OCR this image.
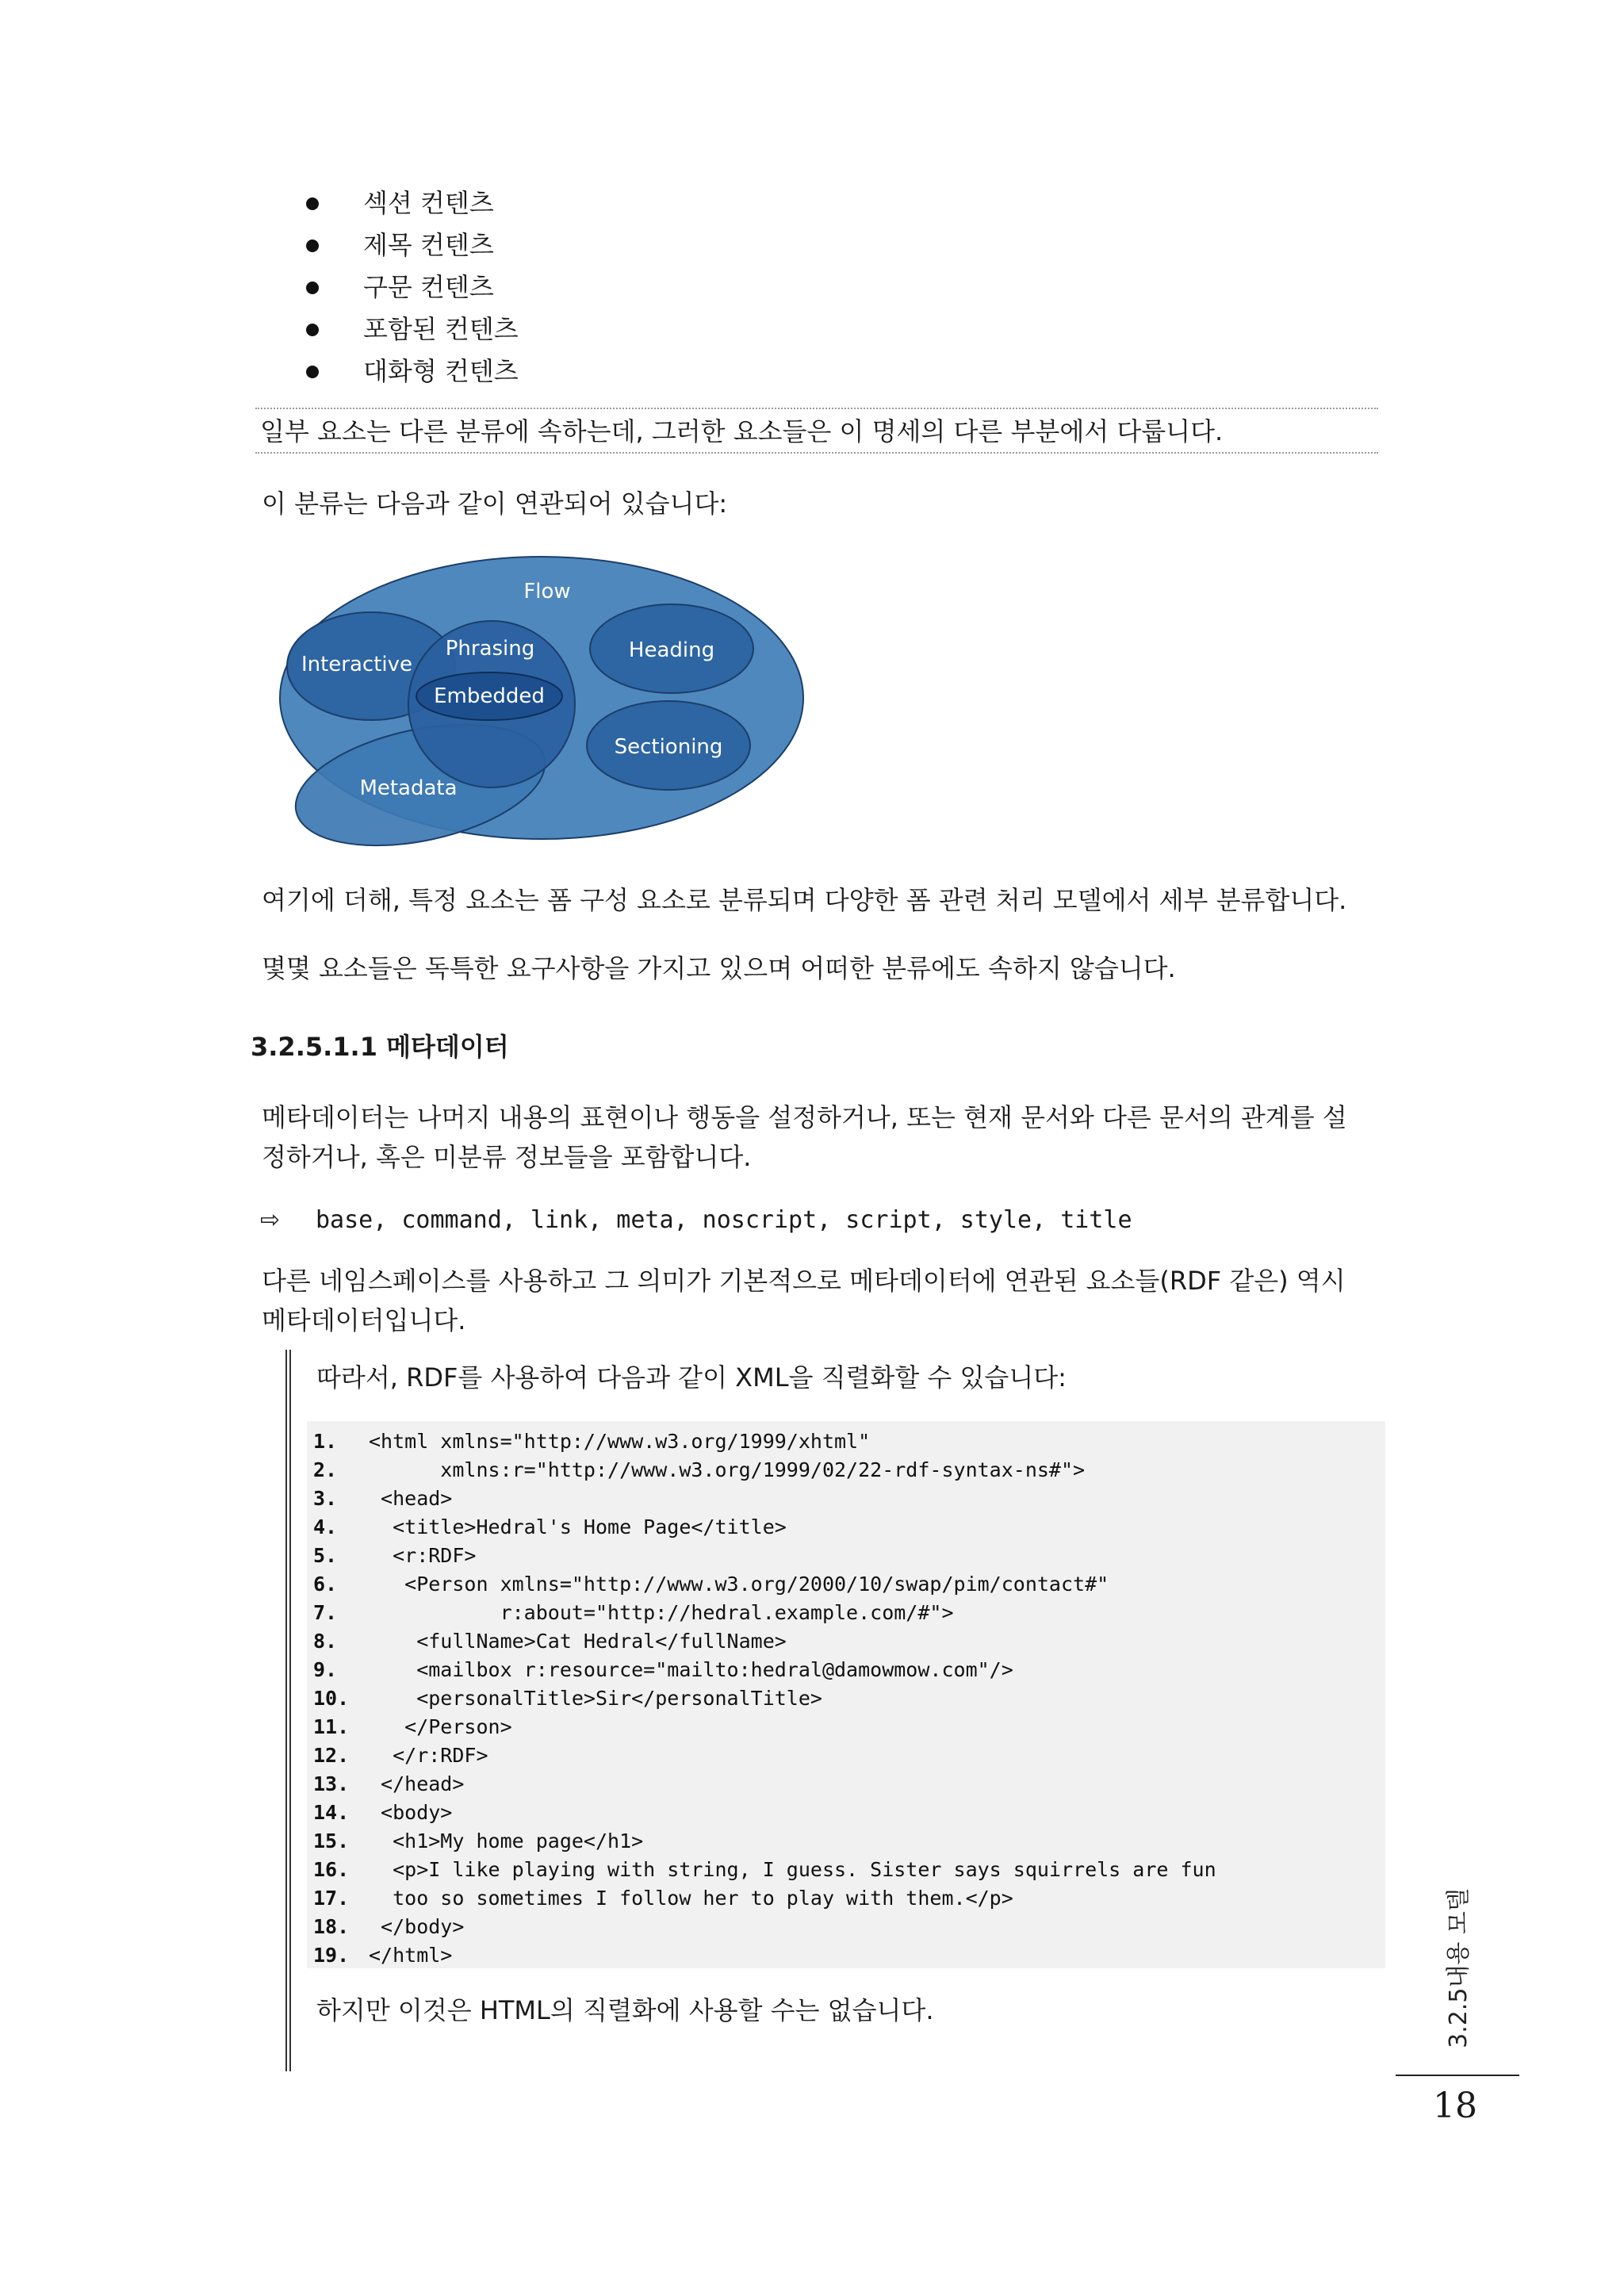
섹션 컨텐츠
제목 컨텐츠
구문 컨텐츠
포함된 컨텐츠
대화형 컨텐츠
일부 요소는 다른 분류에 속하는데, 그러한 요소들은 이 명세의 다른 부분에서 다룹니다.
이 분류는 다음과 같이 연관되어 있습니다:
Flow
Interactive
Phrasing
Embedded
Heading
Sectioning
Metadata
여기에 더해, 특정 요소는 폼 구성 요소로 분류되며 다양한 폼 관련 처리 모델에서 세부 분류합니다.
몇몇 요소들은 독특한 요구사항을 가지고 있으며 어떠한 분류에도 속하지 않습니다.
3.2.5.1.1 메타데이터
메타데이터는 나머지 내용의 표현이나 행동을 설정하거나, 또는 현재 문서와 다른 문서의 관계를 설
정하거나, 혹은 미분류 정보들을 포함합니다.
⇨ base, command, link, meta, noscript, script, style, title
다른 네임스페이스를 사용하고 그 의미가 기본적으로 메타데이터에 연관된 요소들(RDF 같은) 역시
메타데이터입니다.
따라서, RDF를 사용하여 다음과 같이 XML을 직렬화할 수 있습니다:
1. <html xmlns="http://www.w3.org/1999/xhtml"
2.      xmlns:r="http://www.w3.org/1999/02/22-rdf-syntax-ns#">
3. <head>
4.  <title>Hedral's Home Page</title>
5.  <r:RDF>
6.   <Person xmlns="http://www.w3.org/2000/10/swap/pim/contact#"
7.           r:about="http://hedral.example.com/#">
8.    <fullName>Cat Hedral</fullName>
9.    <mailbox r:resource="mailto:hedral@damowmow.com"/>
10.    <personalTitle>Sir</personalTitle>
11.   </Person>
12.  </r:RDF>
13. </head>
14. <body>
15.  <h1>My home page</h1>
16.  <p>I like playing with string, I guess. Sister says squirrels are fun
17.  too so sometimes I follow her to play with them.</p>
18. </body>
19. </html>
하지만 이것은 HTML의 직렬화에 사용할 수는 없습니다.	3.2.5내용 모델
18
